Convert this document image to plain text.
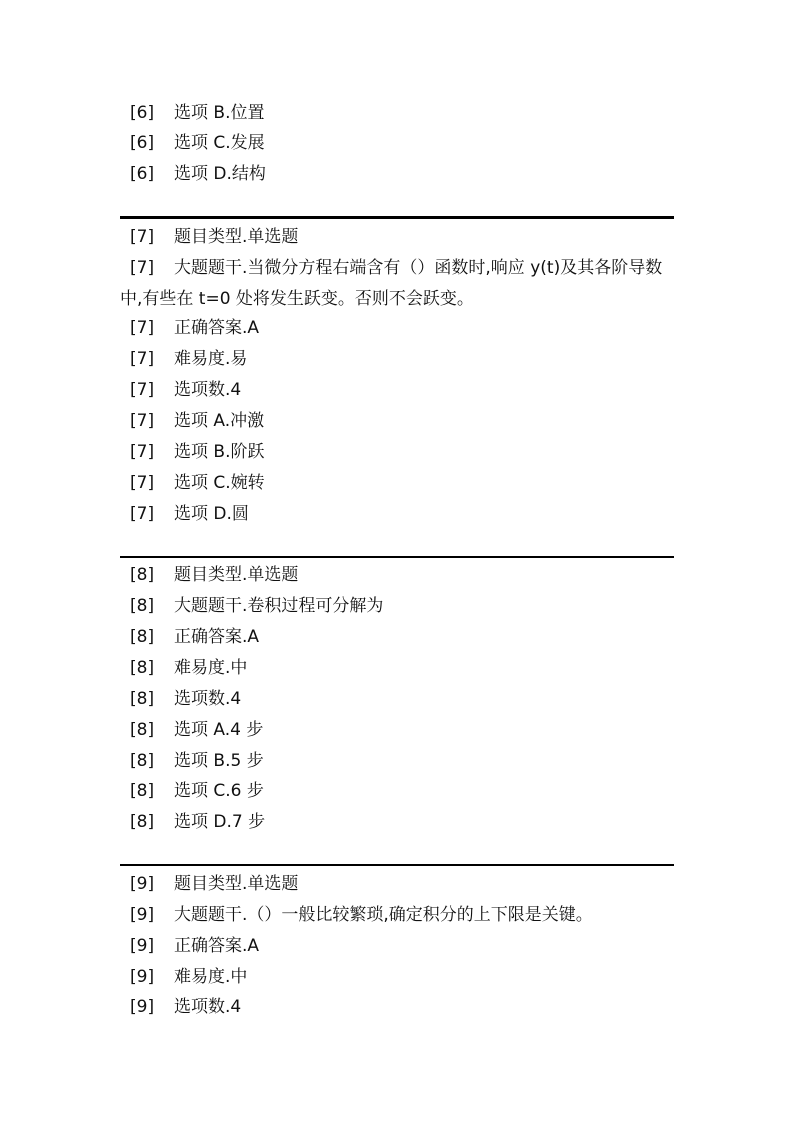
[6] 选项 B.位置
[6] 选项 C.发展
[6] 选项 D.结构
[7] 题目类型.单选题
[7] 大题题干.当微分方程右端含有（）函数时,响应 y(t)及其各阶导数中,有些在 t=0 处将发生跃变。否则不会跃变。
[7] 正确答案.A
[7] 难易度.易
[7] 选项数.4
[7] 选项 A.冲激
[7] 选项 B.阶跃
[7] 选项 C.婉转
[7] 选项 D.圆
[8] 题目类型.单选题
[8] 大题题干.卷积过程可分解为
[8] 正确答案.A
[8] 难易度.中
[8] 选项数.4
[8] 选项 A.4 步
[8] 选项 B.5 步
[8] 选项 C.6 步
[8] 选项 D.7 步
[9] 题目类型.单选题
[9] 大题题干.（）一般比较繁琐,确定积分的上下限是关键。
[9] 正确答案.A
[9] 难易度.中
[9] 选项数.4
